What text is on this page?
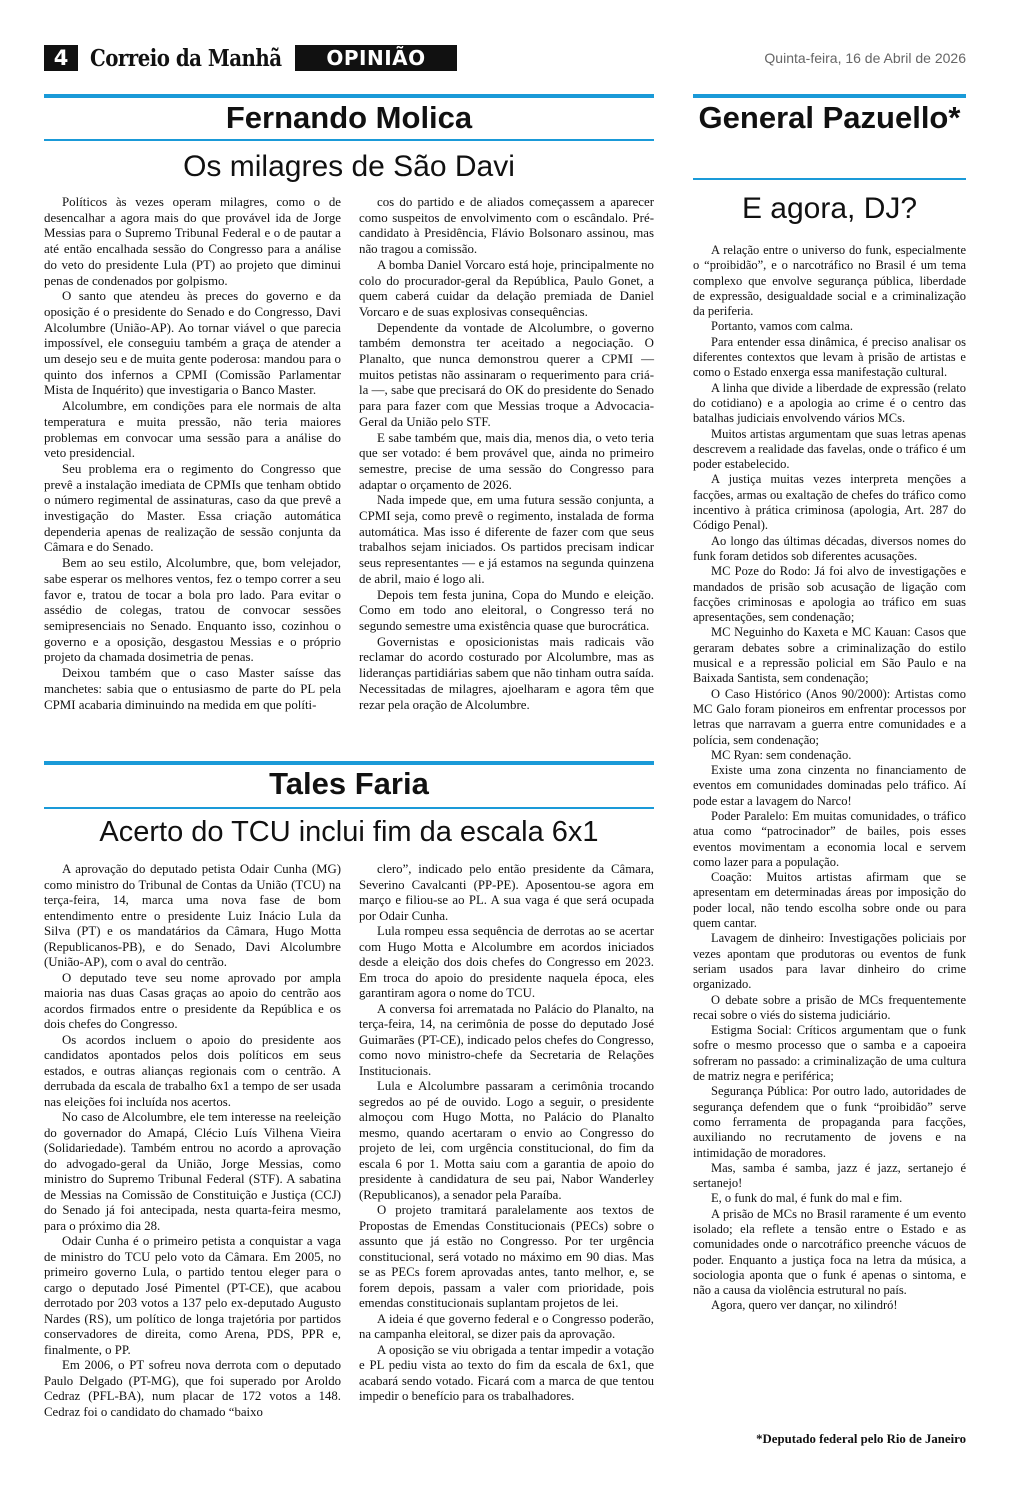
4 Correio da Manhã	OPINIÃO	Quinta-feira, 16 de Abril de 2026
Fernando Molica
Os milagres de São Davi

Políticos às vezes operam milagres, como o de desencalhar a agora mais do que provável ida de Jorge Messias para o Supremo Tribunal Federal e o de pautar a até então encalhada sessão do Congresso para a análise do veto do presidente Lula (PT) ao projeto que diminui penas de condenados por golpismo.

O santo que atendeu às preces do governo e da oposição é o presidente do Senado e do Congresso, Davi Alcolumbre (União-AP). Ao tornar viável o que parecia impossível, ele conseguiu também a graça de atender a um desejo seu e de muita gente poderosa: mandou para o quinto dos infernos a CPMI (Comissão Parlamentar Mista de Inquérito) que investigaria o Banco Master.

Alcolumbre, em condições para ele normais de alta temperatura e muita pressão, não teria maiores problemas em convocar uma sessão para a análise do veto presidencial.

Seu problema era o regimento do Congresso que prevê a instalação imediata de CPMIs que tenham obtido o número regimental de assinaturas, caso da que prevê a investigação do Master. Essa criação automática dependeria apenas de realização de sessão conjunta da Câmara e do Senado.

Bem ao seu estilo, Alcolumbre, que, bom velejador, sabe esperar os melhores ventos, fez o tempo correr a seu favor e, tratou de tocar a bola pro lado. Para evitar o assédio de colegas, tratou de convocar sessões semipresenciais no Senado. Enquanto isso, cozinhou o governo e a oposição, desgastou Messias e o próprio projeto da chamada dosimetria de penas.

Deixou também que o caso Master saísse das manchetes: sabia que o entusiasmo de parte do PL pela CPMI acabaria diminuindo na medida em que políti-

cos do partido e de aliados começassem a aparecer como suspeitos de envolvimento com o escândalo. Pré-candidato à Presidência, Flávio Bolsonaro assinou, mas não tragou a comissão.

A bomba Daniel Vorcaro está hoje, principalmente no colo do procurador-geral da República, Paulo Gonet, a quem caberá cuidar da delação premiada de Daniel Vorcaro e de suas explosivas consequências.

Dependente da vontade de Alcolumbre, o governo também demonstra ter aceitado a negociação. O Planalto, que nunca demonstrou querer a CPMI — muitos petistas não assinaram o requerimento para criá-la —, sabe que precisará do OK do presidente do Senado para para fazer com que Messias troque a Advocacia-Geral da União pelo STF.

E sabe também que, mais dia, menos dia, o veto teria que ser votado: é bem provável que, ainda no primeiro semestre, precise de uma sessão do Congresso para adaptar o orçamento de 2026.

Nada impede que, em uma futura sessão conjunta, a CPMI seja, como prevê o regimento, instalada de forma automática. Mas isso é diferente de fazer com que seus trabalhos sejam iniciados. Os partidos precisam indicar seus representantes — e já estamos na segunda quinzena de abril, maio é logo ali.

Depois tem festa junina, Copa do Mundo e eleição. Como em todo ano eleitoral, o Congresso terá no segundo semestre uma existência quase que burocrática.

Governistas e oposicionistas mais radicais vão reclamar do acordo costurado por Alcolumbre, mas as lideranças partidiárias sabem que não tinham outra saída. Necessitadas de milagres, ajoelharam e agora têm que rezar pela oração de Alcolumbre.

Tales Faria
Acerto do TCU inclui fim da escala 6x1

A aprovação do deputado petista Odair Cunha (MG) como ministro do Tribunal de Contas da União (TCU) na terça-feira, 14, marca uma nova fase de bom entendimento entre o presidente Luiz Inácio Lula da Silva (PT) e os mandatários da Câmara, Hugo Motta (Republicanos-PB), e do Senado, Davi Alcolumbre (União-AP), com o aval do centrão.

O deputado teve seu nome aprovado por ampla maioria nas duas Casas graças ao apoio do centrão aos acordos firmados entre o presidente da República e os dois chefes do Congresso.

Os acordos incluem o apoio do presidente aos candidatos apontados pelos dois políticos em seus estados, e outras alianças regionais com o centrão. A derrubada da escala de trabalho 6x1 a tempo de ser usada nas eleições foi incluída nos acertos.

No caso de Alcolumbre, ele tem interesse na reeleição do governador do Amapá, Clécio Luís Vilhena Vieira (Solidariedade). Também entrou no acordo a aprovação do advogado-geral da União, Jorge Messias, como ministro do Supremo Tribunal Federal (STF). A sabatina de Messias na Comissão de Constituição e Justiça (CCJ) do Senado já foi antecipada, nesta quarta-feira mesmo, para o próximo dia 28.

Odair Cunha é o primeiro petista a conquistar a vaga de ministro do TCU pelo voto da Câmara. Em 2005, no primeiro governo Lula, o partido tentou eleger para o cargo o deputado José Pimentel (PT-CE), que acabou derrotado por 203 votos a 137 pelo ex-deputado Augusto Nardes (RS), um político de longa trajetória por partidos conservadores de direita, como Arena, PDS, PPR e, finalmente, o PP.

Em 2006, o PT sofreu nova derrota com o deputado Paulo Delgado (PT-MG), que foi superado por Aroldo Cedraz (PFL-BA), num placar de 172 votos a 148. Cedraz foi o candidato do chamado “baixo

clero”, indicado pelo então presidente da Câmara, Severino Cavalcanti (PP-PE). Aposentou-se agora em março e filiou-se ao PL. A sua vaga é que será ocupada por Odair Cunha.

Lula rompeu essa sequência de derrotas ao se acertar com Hugo Motta e Alcolumbre em acordos iniciados desde a eleição dos dois chefes do Congresso em 2023. Em troca do apoio do presidente naquela época, eles garantiram agora o nome do TCU.

A conversa foi arrematada no Palácio do Planalto, na terça-feira, 14, na cerimônia de posse do deputado José Guimarães (PT-CE), indicado pelos chefes do Congresso, como novo ministro-chefe da Secretaria de Relações Institucionais.

Lula e Alcolumbre passaram a cerimônia trocando segredos ao pé de ouvido. Logo a seguir, o presidente almoçou com Hugo Motta, no Palácio do Planalto mesmo, quando acertaram o envio ao Congresso do projeto de lei, com urgência constitucional, do fim da escala 6 por 1. Motta saiu com a garantia de apoio do presidente à candidatura de seu pai, Nabor Wanderley (Republicanos), a senador pela Paraíba.

O projeto tramitará paralelamente aos textos de Propostas de Emendas Constitucionais (PECs) sobre o assunto que já estão no Congresso. Por ter urgência constitucional, será votado no máximo em 90 dias. Mas se as PECs forem aprovadas antes, tanto melhor, e, se forem depois, passam a valer com prioridade, pois emendas constitucionais suplantam projetos de lei.

A ideia é que governo federal e o Congresso poderão, na campanha eleitoral, se dizer pais da aprovação.

A oposição se viu obrigada a tentar impedir a votação e PL pediu vista ao texto do fim da escala de 6x1, que acabará sendo votado. Ficará com a marca de que tentou impedir o benefício para os trabalhadores.

General Pazuello*
E agora, DJ?

A relação entre o universo do funk, especialmente o “proibidão”, e o narcotráfico no Brasil é um tema complexo que envolve segurança pública, liberdade de expressão, desigualdade social e a criminalização da periferia.

Portanto, vamos com calma.

Para entender essa dinâmica, é preciso analisar os diferentes contextos que levam à prisão de artistas e como o Estado enxerga essa manifestação cultural.

A linha que divide a liberdade de expressão (relato do cotidiano) e a apologia ao crime é o centro das batalhas judiciais envolvendo vários MCs.

Muitos artistas argumentam que suas letras apenas descrevem a realidade das favelas, onde o tráfico é um poder estabelecido.

A justiça muitas vezes interpreta menções a facções, armas ou exaltação de chefes do tráfico como incentivo à prática criminosa (apologia, Art. 287 do Código Penal).

Ao longo das últimas décadas, diversos nomes do funk foram detidos sob diferentes acusações.

MC Poze do Rodo: Já foi alvo de investigações e mandados de prisão sob acusação de ligação com facções criminosas e apologia ao tráfico em suas apresentações, sem condenação;

MC Neguinho do Kaxeta e MC Kauan: Casos que geraram debates sobre a criminalização do estilo musical e a repressão policial em São Paulo e na Baixada Santista, sem condenação;

O Caso Histórico (Anos 90/2000): Artistas como MC Galo foram pioneiros em enfrentar processos por letras que narravam a guerra entre comunidades e a polícia, sem condenação;

MC Ryan: sem condenação.

Existe uma zona cinzenta no financiamento de eventos em comunidades dominadas pelo tráfico. Aí pode estar a lavagem do Narco!

Poder Paralelo: Em muitas comunidades, o tráfico atua como “patrocinador” de bailes, pois esses eventos movimentam a economia local e servem como lazer para a população.

Coação: Muitos artistas afirmam que se apresentam em determinadas áreas por imposição do poder local, não tendo escolha sobre onde ou para quem cantar.

Lavagem de dinheiro: Investigações policiais por vezes apontam que produtoras ou eventos de funk seriam usados para lavar dinheiro do crime organizado.

O debate sobre a prisão de MCs frequentemente recai sobre o viés do sistema judiciário.

Estigma Social: Críticos argumentam que o funk sofre o mesmo processo que o samba e a capoeira sofreram no passado: a criminalização de uma cultura de matriz negra e periférica;

Segurança Pública: Por outro lado, autoridades de segurança defendem que o funk “proibidão” serve como ferramenta de propaganda para facções, auxiliando no recrutamento de jovens e na intimidação de moradores.

Mas, samba é samba, jazz é jazz, sertanejo é sertanejo!

E, o funk do mal, é funk do mal e fim.

A prisão de MCs no Brasil raramente é um evento isolado; ela reflete a tensão entre o Estado e as comunidades onde o narcotráfico preenche vácuos de poder. Enquanto a justiça foca na letra da música, a sociologia aponta que o funk é apenas o sintoma, e não a causa da violência estrutural no país.

Agora, quero ver dançar, no xilindró!

*Deputado federal pelo Rio de Janeiro
